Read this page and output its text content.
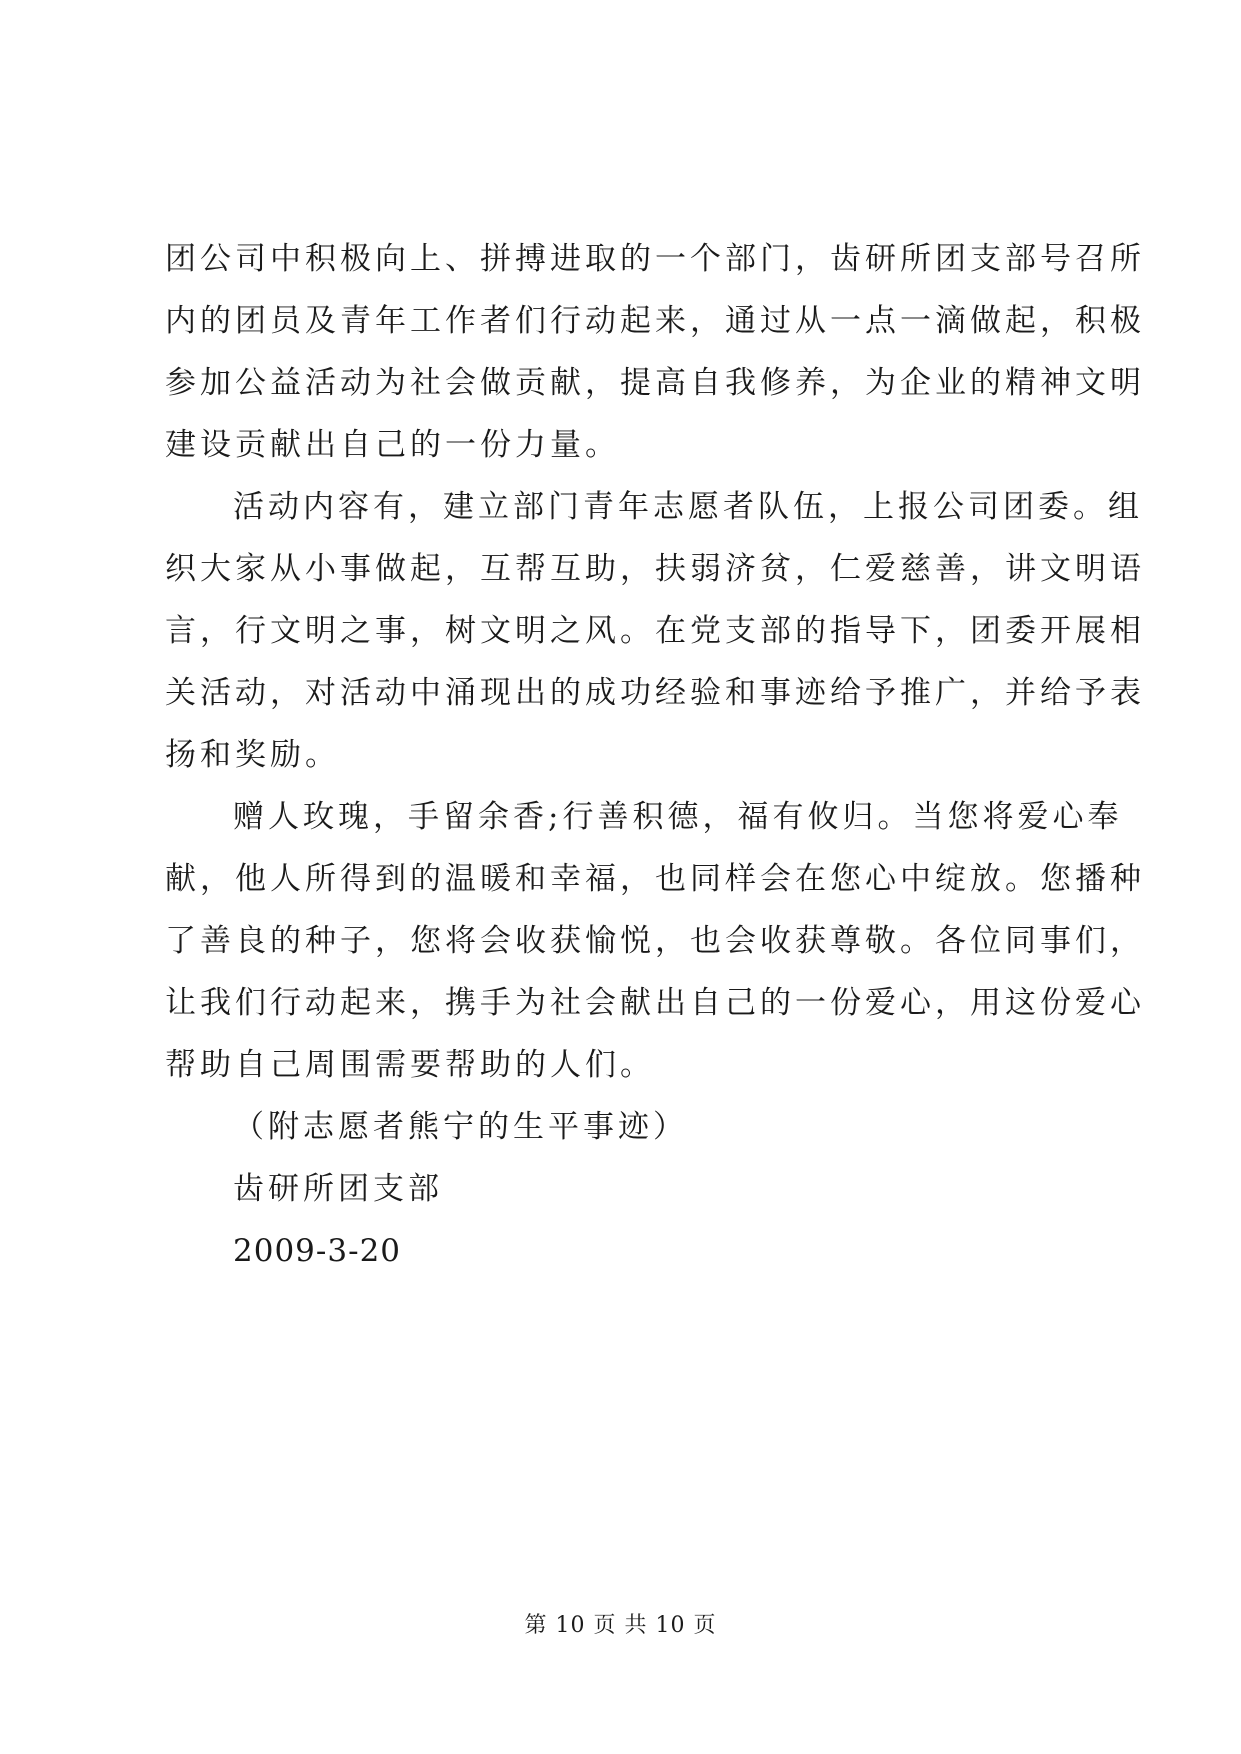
团公司中积极向上、拼搏进取的一个部门，齿研所团支部号召所
内的团员及青年工作者们行动起来，通过从一点一滴做起，积极
参加公益活动为社会做贡献，提高自我修养，为企业的精神文明
建设贡献出自己的一份力量。
活动内容有，建立部门青年志愿者队伍，上报公司团委。组
织大家从小事做起，互帮互助，扶弱济贫，仁爱慈善，讲文明语
言，行文明之事，树文明之风。在党支部的指导下，团委开展相
关活动，对活动中涌现出的成功经验和事迹给予推广，并给予表
扬和奖励。
赠人玫瑰，手留余香;行善积德，福有攸归。当您将爱心奉
献，他人所得到的温暖和幸福，也同样会在您心中绽放。您播种
了善良的种子，您将会收获愉悦，也会收获尊敬。各位同事们，
让我们行动起来，携手为社会献出自己的一份爱心，用这份爱心
帮助自己周围需要帮助的人们。
（附志愿者熊宁的生平事迹）
齿研所团支部
2009-3-20
第 10 页 共 10 页
